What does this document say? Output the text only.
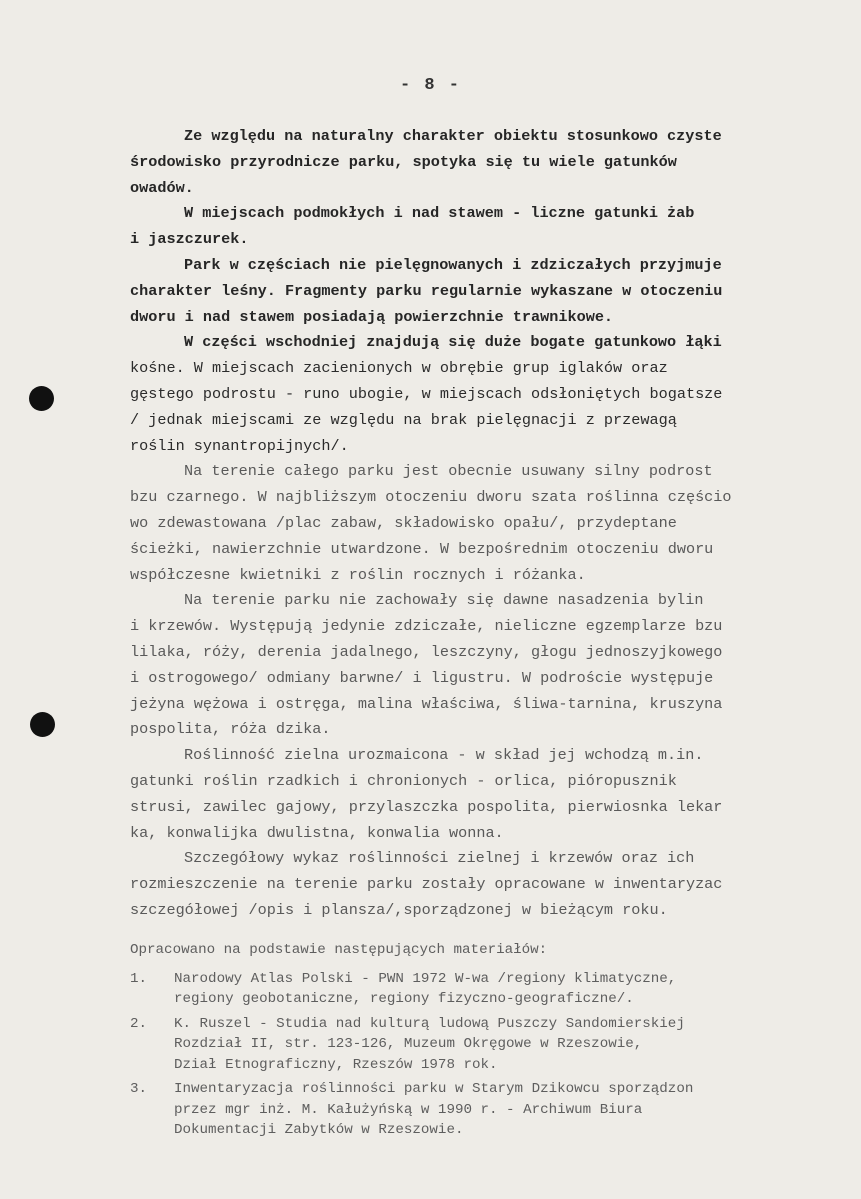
- 8 -
Ze względu na naturalny charakter obiektu stosunkowo czyste
środowisko przyrodnicze parku, spotyka się tu wiele gatunków
owadów.
W miejscach podmokłych i nad stawem - liczne gatunki żab
i jaszczurek.
Park w częściach nie pielęgnowanych i zdziczałych przyjmuje
charakter leśny. Fragmenty parku regularnie wykaszane w otoczeniu
dworu i nad stawem posiadają powierzchnie trawnikowe.
W części wschodniej znajdują się duże bogate gatunkowo łąki
kośne. W miejscach zacienionych w obrębie grup iglaków oraz
gęstego podrostu - runo ubogie, w miejscach odsłoniętych bogatsze
/ jednak miejscami ze względu na brak pielęgnacji z przewagą
roślin synantropijnych/.
Na terenie całego parku jest obecnie usuwany silny podrost
bzu czarnego. W najbliższym otoczeniu dworu szata roślinna częścio
wo zdewastowana /plac zabaw, składowisko opału/, przydeptane
ścieżki, nawierzchnie utwardzone. W bezpośrednim otoczeniu dworu
współczesne kwietniki z roślin rocznych i różanka.
Na terenie parku nie zachowały się dawne nasadzenia bylin
i krzewów. Występują jedynie zdziczałe, nieliczne egzemplarze bzu
lilaka, róży, derenia jadalnego, leszczyny, głogu jednoszyjkowego
i ostrogowego/ odmiany barwne/ i ligustru. W podroście występuje
jeżyna wężowa i ostręga, malina właściwa, śliwa-tarnina, kruszyna
pospolita, róża dzika.
Roślinność zielna urozmaicona - w skład jej wchodzą m.in.
gatunki roślin rzadkich i chronionych - orlica, pióropusznik
strusi, zawilec gajowy, przylaszczka pospolita, pierwiosnka lekar
ka, konwalijka dwulistna, konwalia wonna.
Szczegółowy wykaz roślinności zielnej i krzewów oraz ich
rozmieszczenie na terenie parku zostały opracowane w inwentaryzac
szczegółowej /opis i plansza/,sporządzonej w bieżącym roku.
Opracowano na podstawie następujących materiałów:
1.	Narodowy Atlas Polski - PWN 1972 W-wa /regiony klimatyczne,
regiony geobotaniczne, regiony fizyczno-geograficzne/.
2.	K. Ruszel - Studia nad kulturą ludową Puszczy Sandomierskiej
Rozdział II, str. 123-126, Muzeum Okręgowe w Rzeszowie,
Dział Etnograficzny, Rzeszów 1978 rok.
3.	Inwentaryzacja roślinności parku w Starym Dzikowcu sporządzon
przez mgr inż. M. Kałużyńską w 1990 r. - Archiwum Biura
Dokumentacji Zabytków w Rzeszowie.
